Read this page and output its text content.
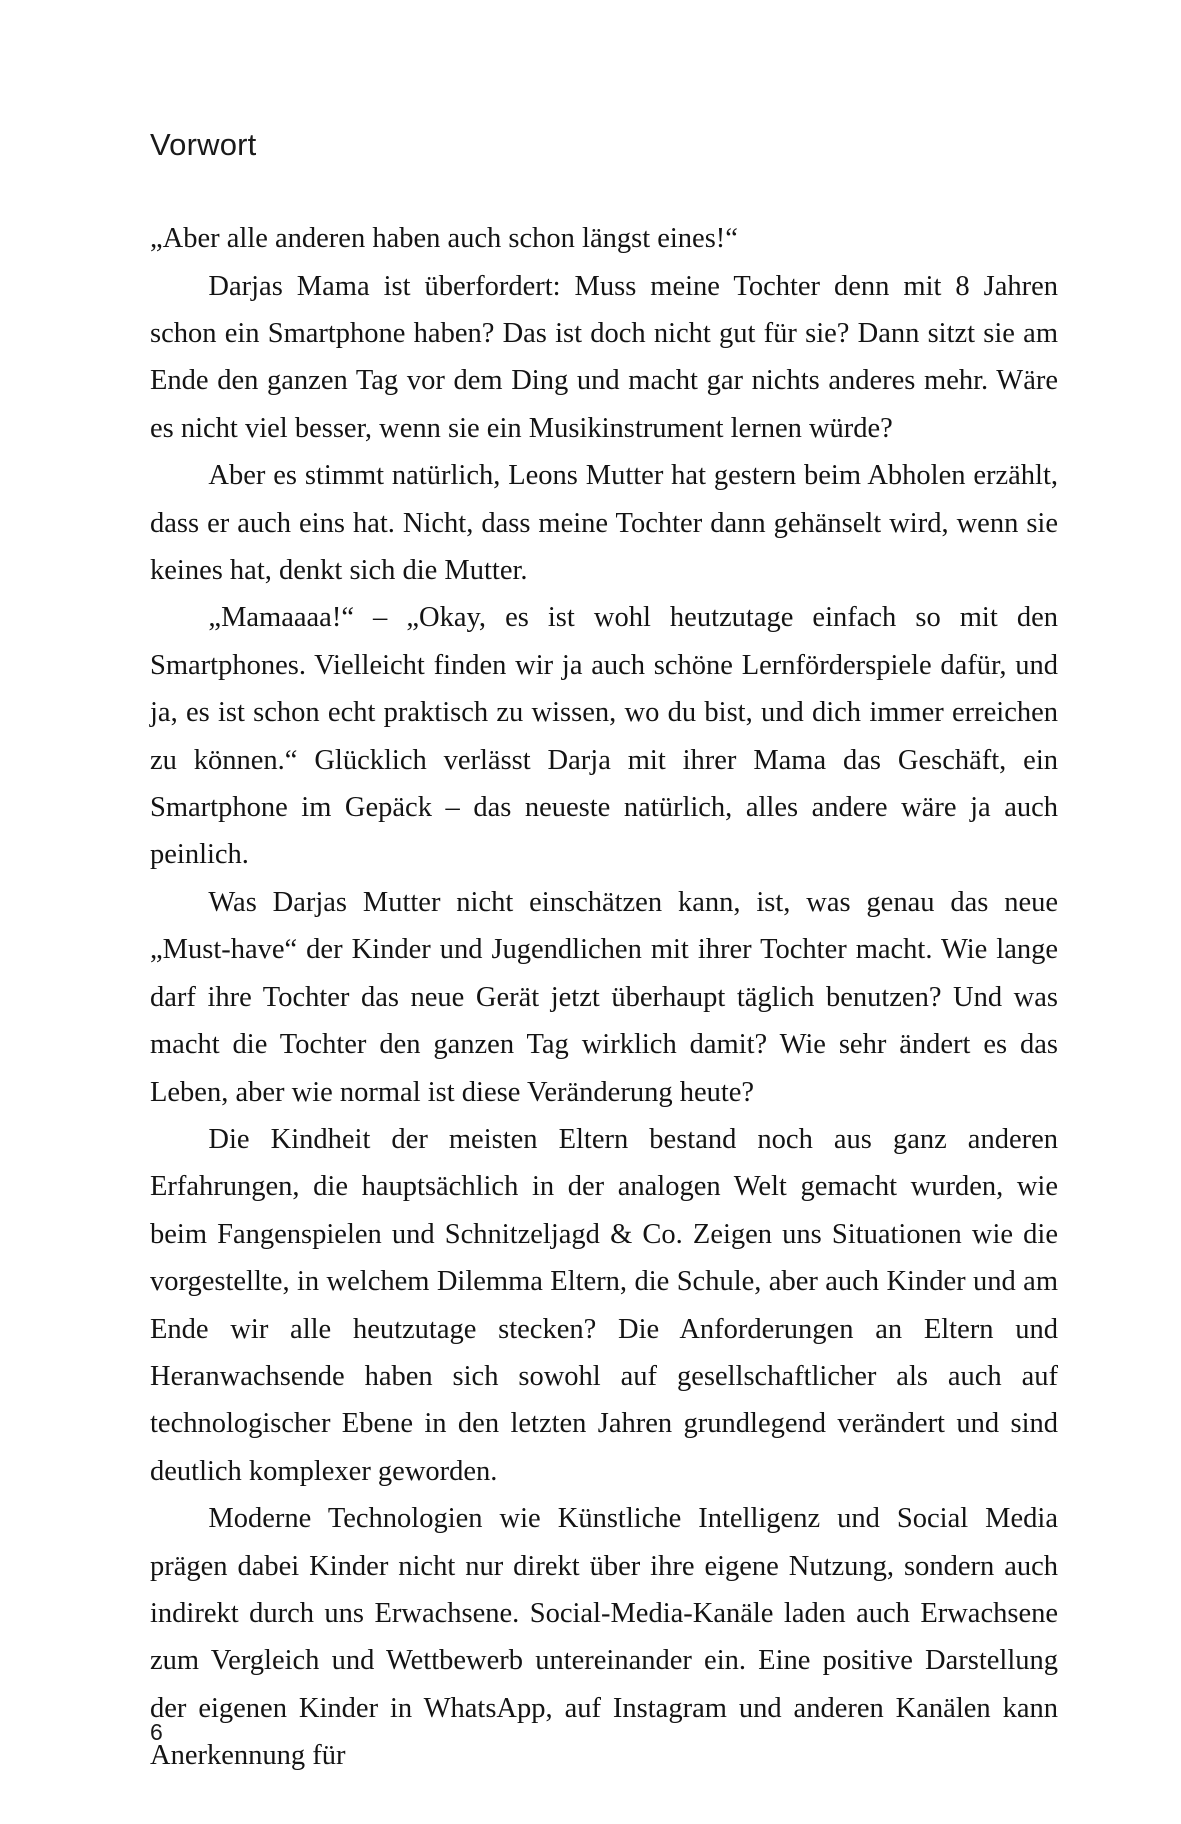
Vorwort

„Aber alle anderen haben auch schon längst eines!“

Darjas Mama ist überfordert: Muss meine Tochter denn mit 8 Jahren schon ein Smartphone haben? Das ist doch nicht gut für sie? Dann sitzt sie am Ende den ganzen Tag vor dem Ding und macht gar nichts anderes mehr. Wäre es nicht viel besser, wenn sie ein Musikinstrument lernen würde?

Aber es stimmt natürlich, Leons Mutter hat gestern beim Abholen erzählt, dass er auch eins hat. Nicht, dass meine Tochter dann gehänselt wird, wenn sie keines hat, denkt sich die Mutter.

„Mamaaaa!“ – „Okay, es ist wohl heutzutage einfach so mit den Smartphones. Vielleicht finden wir ja auch schöne Lernförderspiele dafür, und ja, es ist schon echt praktisch zu wissen, wo du bist, und dich immer erreichen zu können.“ Glücklich verlässt Darja mit ihrer Mama das Geschäft, ein Smartphone im Gepäck – das neueste natürlich, alles andere wäre ja auch peinlich.

Was Darjas Mutter nicht einschätzen kann, ist, was genau das neue „Must-have“ der Kinder und Jugendlichen mit ihrer Tochter macht. Wie lange darf ihre Tochter das neue Gerät jetzt überhaupt täglich benutzen? Und was macht die Tochter den ganzen Tag wirklich damit? Wie sehr ändert es das Leben, aber wie normal ist diese Veränderung heute?

Die Kindheit der meisten Eltern bestand noch aus ganz anderen Erfahrungen, die hauptsächlich in der analogen Welt gemacht wurden, wie beim Fangenspielen und Schnitzeljagd & Co. Zeigen uns Situationen wie die vorgestellte, in welchem Dilemma Eltern, die Schule, aber auch Kinder und am Ende wir alle heutzutage stecken? Die Anforderungen an Eltern und Heranwachsende haben sich sowohl auf gesellschaftlicher als auch auf technologischer Ebene in den letzten Jahren grundlegend verändert und sind deutlich komplexer geworden.

Moderne Technologien wie Künstliche Intelligenz und Social Media prägen dabei Kinder nicht nur direkt über ihre eigene Nutzung, sondern auch indirekt durch uns Erwachsene. Social-Media-Kanäle laden auch Erwachsene zum Vergleich und Wettbewerb untereinander ein. Eine positive Darstellung der eigenen Kinder in WhatsApp, auf Instagram und anderen Kanälen kann Anerkennung für

6
